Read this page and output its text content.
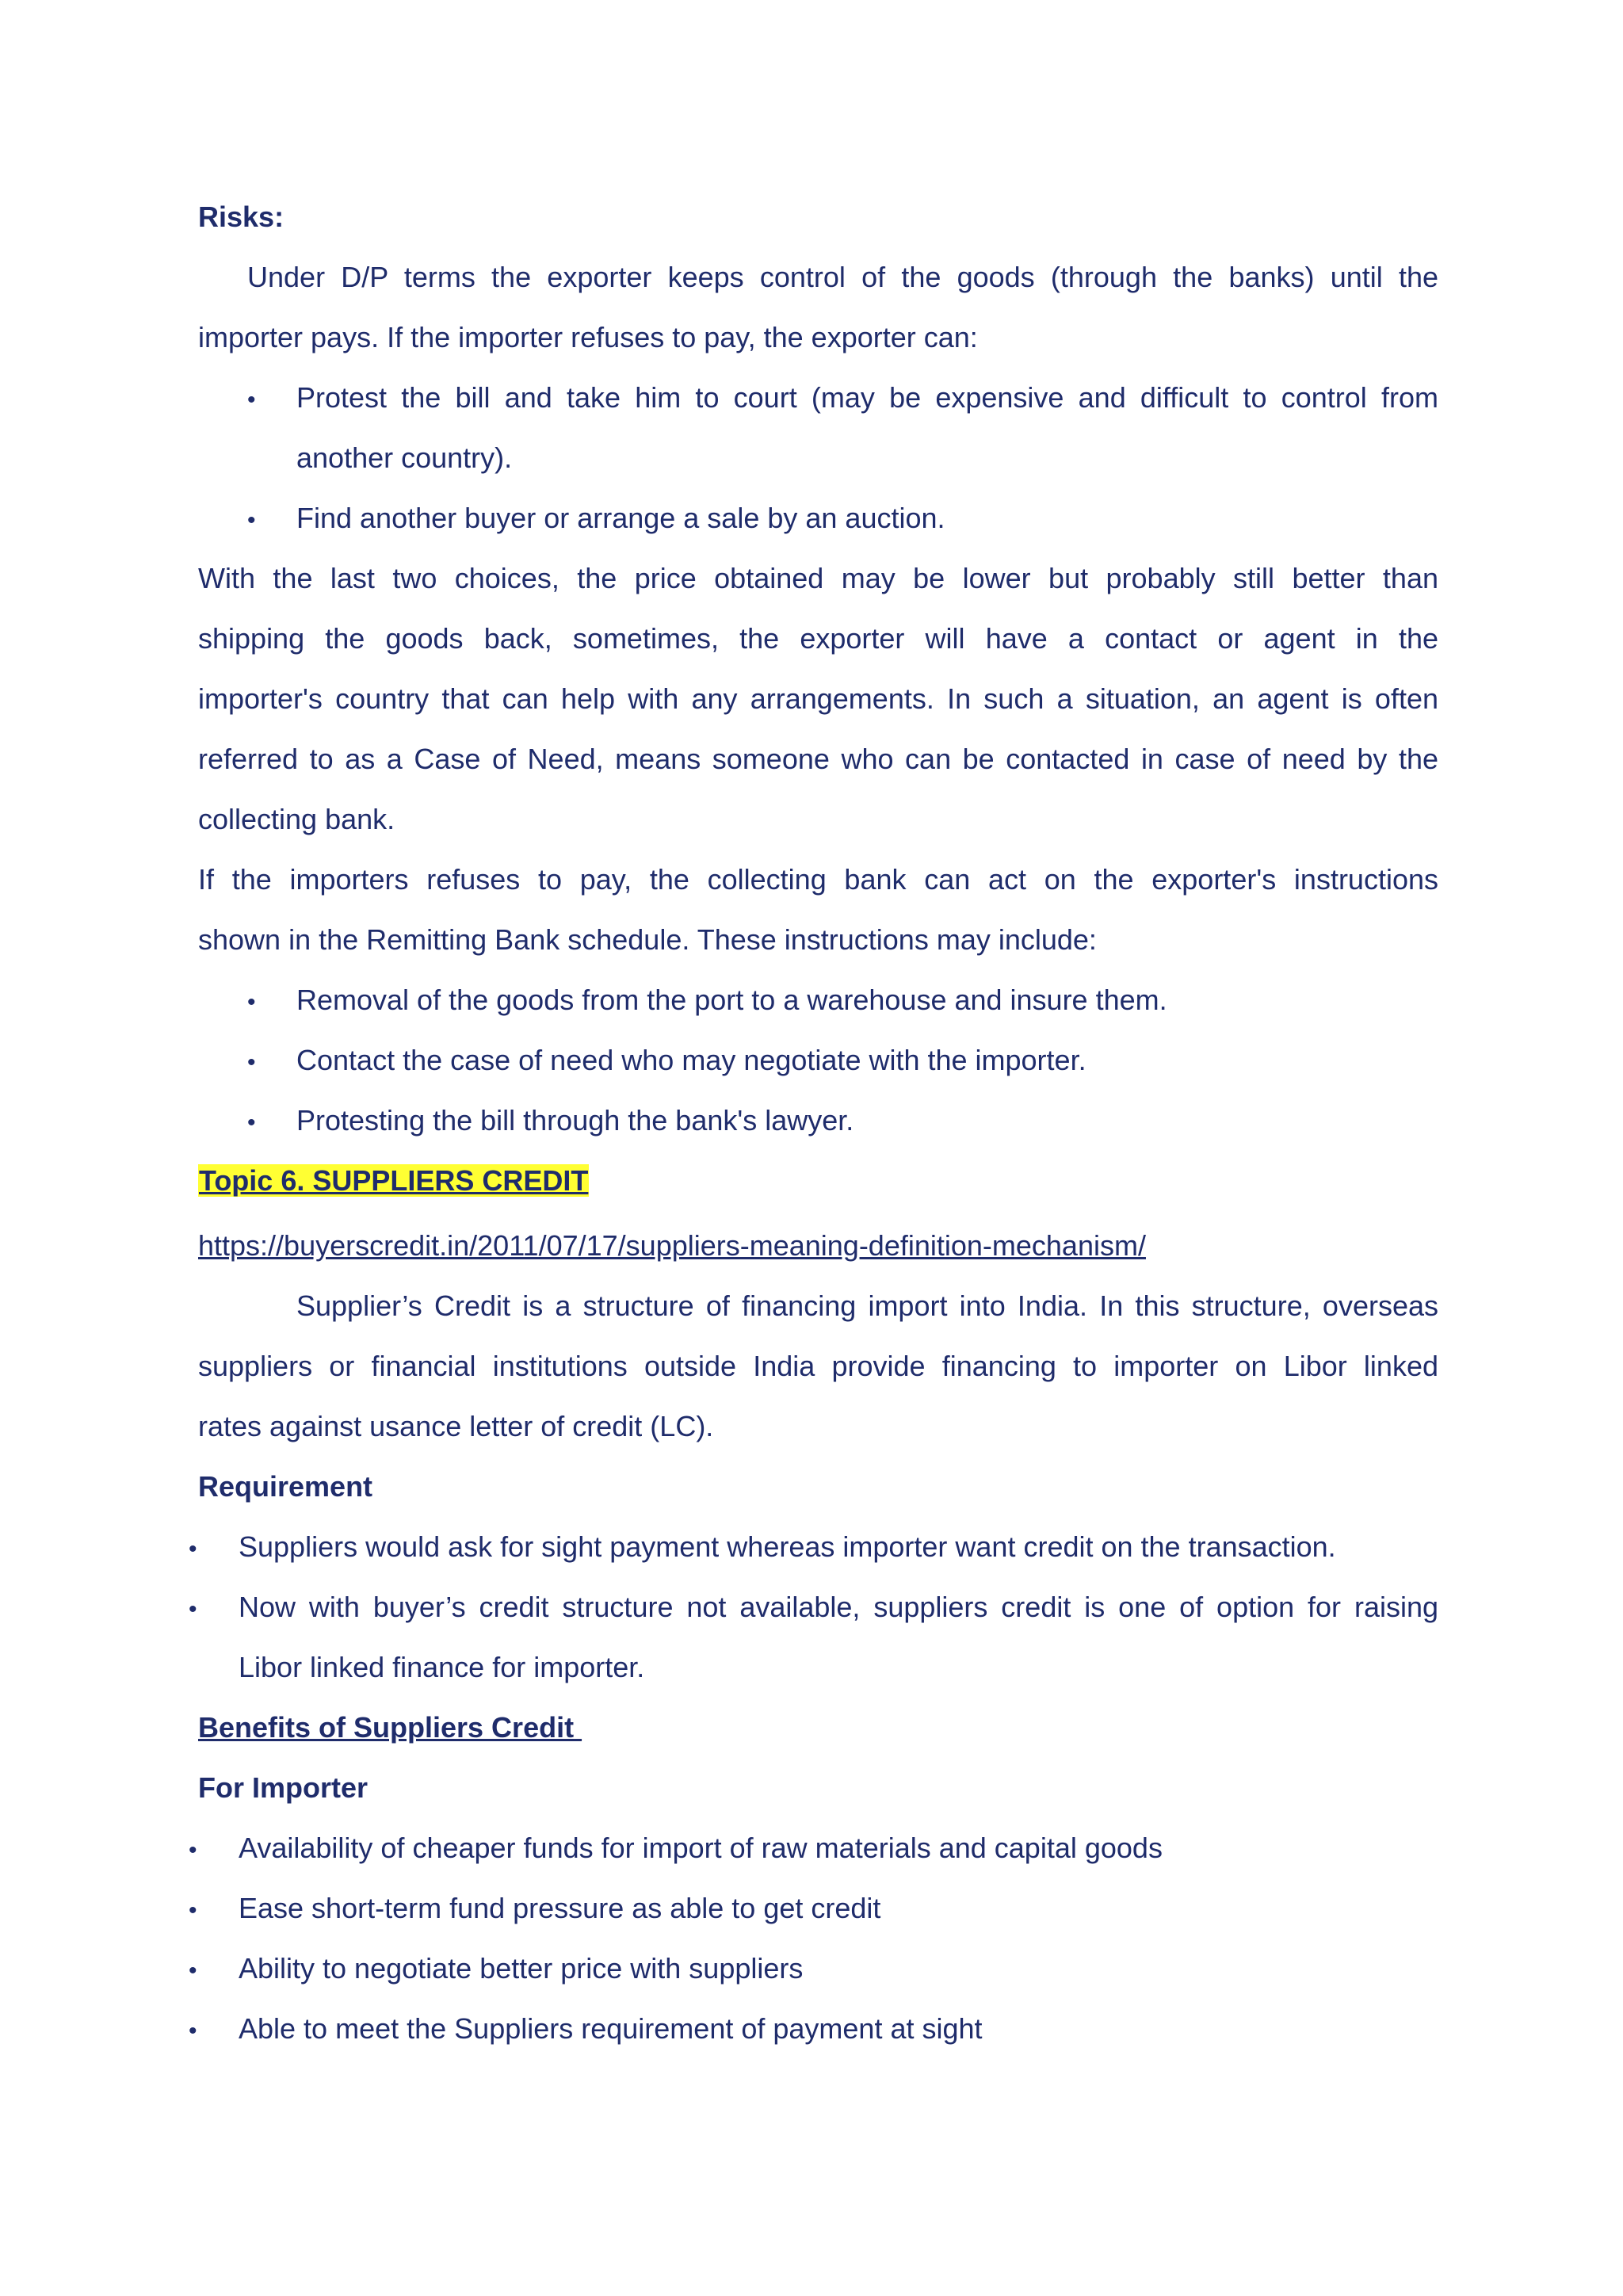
Risks:
Under D/P terms the exporter keeps control of the goods (through the banks) until the
importer pays. If the importer refuses to pay, the exporter can:
• Protest the bill and take him to court (may be expensive and difficult to control from
another country).
• Find another buyer or arrange a sale by an auction.
With the last two choices, the price obtained may be lower but probably still better than
shipping the goods back, sometimes, the exporter will have a contact or agent in the
importer's country that can help with any arrangements. In such a situation, an agent is often
referred to as a Case of Need, means someone who can be contacted in case of need by the
collecting bank.
If the importers refuses to pay, the collecting bank can act on the exporter's instructions
shown in the Remitting Bank schedule. These instructions may include:
• Removal of the goods from the port to a warehouse and insure them.
• Contact the case of need who may negotiate with the importer.
• Protesting the bill through the bank's lawyer.
Topic 6. SUPPLIERS CREDIT
https://buyerscredit.in/2011/07/17/suppliers-meaning-definition-mechanism/
Supplier’s Credit is a structure of financing import into India. In this structure, overseas
suppliers or financial institutions outside India provide financing to importer on Libor linked
rates against usance letter of credit (LC).
Requirement
• Suppliers would ask for sight payment whereas importer want credit on the transaction.
• Now with buyer’s credit structure not available, suppliers credit is one of option for raising
Libor linked finance for importer.
Benefits of Suppliers Credit
For Importer
• Availability of cheaper funds for import of raw materials and capital goods
• Ease short-term fund pressure as able to get credit
• Ability to negotiate better price with suppliers
• Able to meet the Suppliers requirement of payment at sight
